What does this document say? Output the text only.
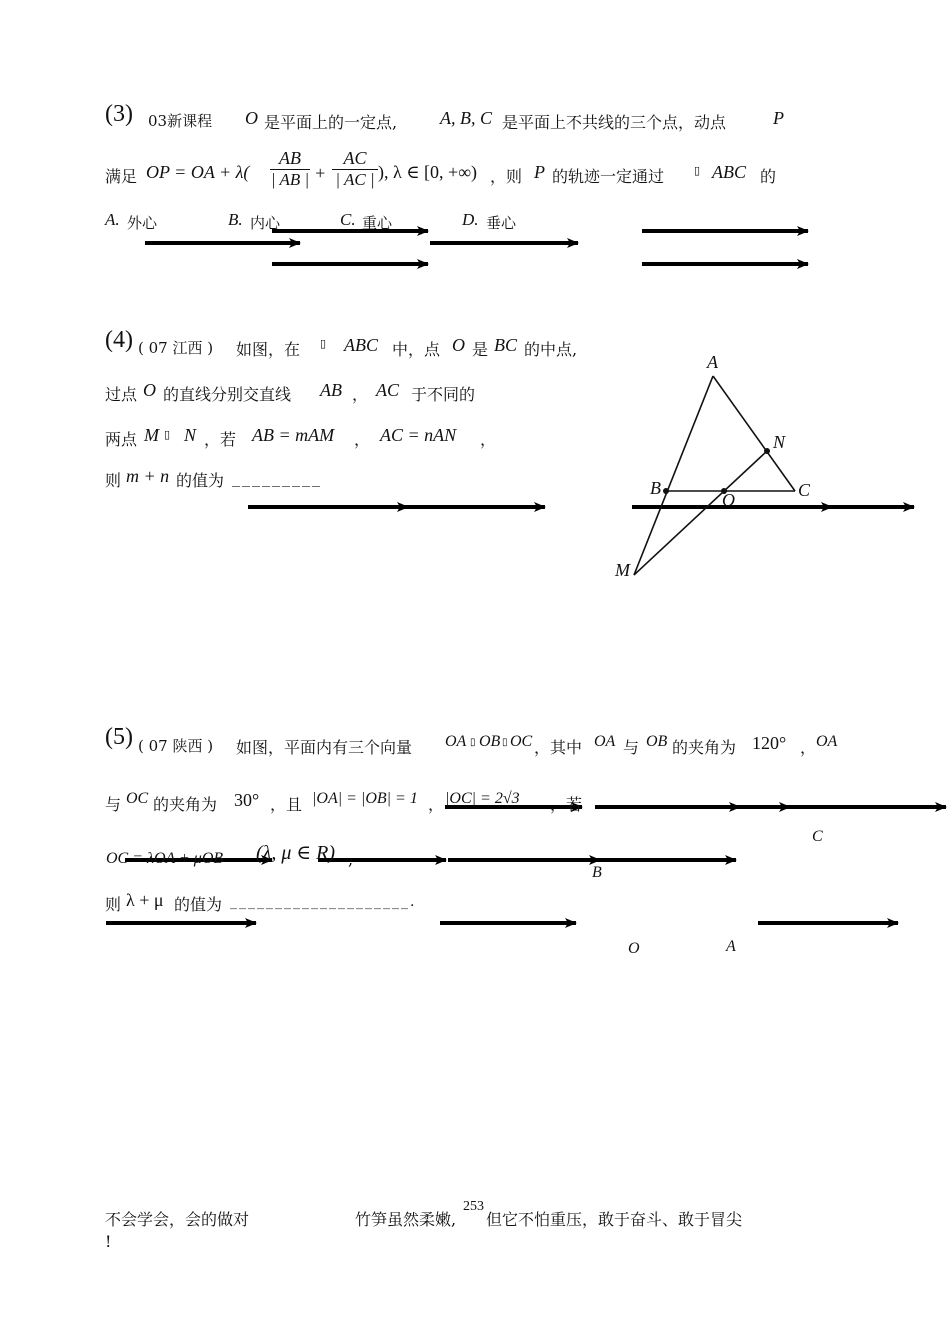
(3) 03新课程 O 是平面上的一定点, A, B, C 是平面上不共线的三个点，动点	P
满足 OP = OA + $\lambda( \frac{AB}{| AB |} + \frac{AC}{| AC |}$ ), λ ∈ [0, +∞) ，则 P 的轨迹一定通过	▯ ABC 的
A. 外心	B. 内心	C. 重心	D. 垂心
(4) ( 07 江西 ) 如图，在 ▯ ABC 中，点 O 是 BC 的中点,
过点 O 的直线分别交直线 AB ， AC 于不同的
两点 M ▯ N ，若 AB = mAM ， AC = nAN ，
则 m + n 的值为 _________
A
N
B	C
O
M
(5) ( 07 陕西 ) 如图，平面内有三个向量 OA ▯ OB ▯ OC ，其中 OA 与 OB 的夹角为 120° ， OA
与 OC 的夹角为 30° ，且 |OA| = |OB| = 1 ， |OC| = 2√3 ，若
OC = λOA + μOB (λ, μ ∈ R) ,
则 λ + μ 的值为 ____________________.
C
B
O	A
不会学会，会的做对
!
竹笋虽然柔嫩,
253
但它不怕重压，敢于奋斗、敢于冒尖
